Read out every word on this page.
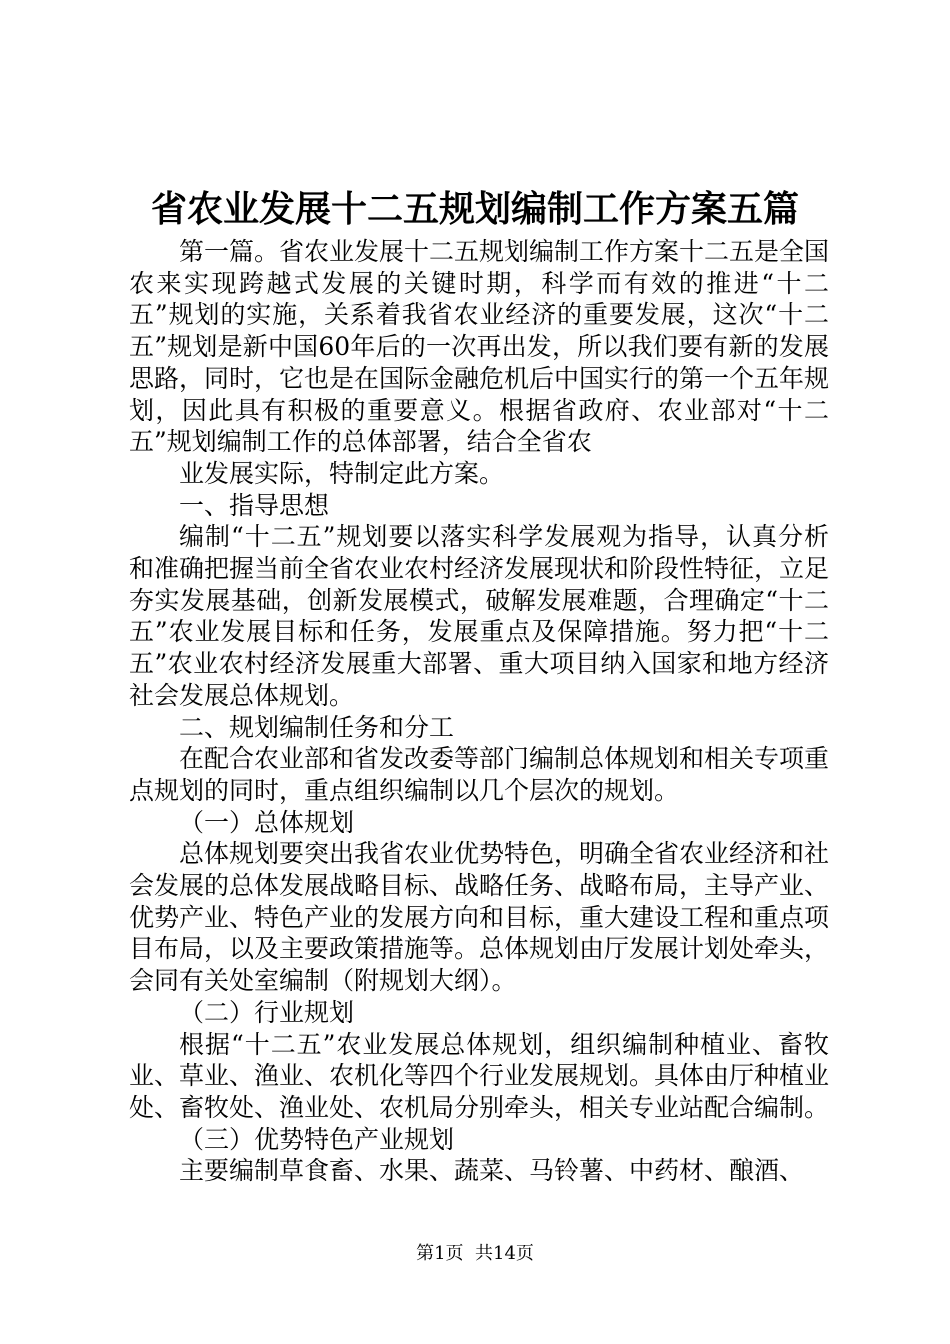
省农业发展十二五规划编制工作方案五篇

第一篇。省农业发展十二五规划编制工作方案十二五是全国农来实现跨越式发展的关键时期，科学而有效的推进“十二五”规划的实施，关系着我省农业经济的重要发展，这次“十二五”规划是新中国60年后的一次再出发，所以我们要有新的发展思路，同时，它也是在国际金融危机后中国实行的第一个五年规划，因此具有积极的重要意义。根据省政府、农业部对“十二五”规划编制工作的总体部署，结合全省农

业发展实际，特制定此方案。

一、指导思想

编制“十二五”规划要以落实科学发展观为指导，认真分析和准确把握当前全省农业农村经济发展现状和阶段性特征，立足夯实发展基础，创新发展模式，破解发展难题，合理确定“十二五”农业发展目标和任务，发展重点及保障措施。努力把“十二五”农业农村经济发展重大部署、重大项目纳入国家和地方经济社会发展总体规划。

二、规划编制任务和分工

在配合农业部和省发改委等部门编制总体规划和相关专项重点规划的同时，重点组织编制以几个层次的规划。

（一）总体规划

总体规划要突出我省农业优势特色，明确全省农业经济和社会发展的总体发展战略目标、战略任务、战略布局，主导产业、优势产业、特色产业的发展方向和目标，重大建设工程和重点项目布局，以及主要政策措施等。总体规划由厅发展计划处牵头，会同有关处室编制（附规划大纲）。

（二）行业规划

根据“十二五”农业发展总体规划，组织编制种植业、畜牧业、草业、渔业、农机化等四个行业发展规划。具体由厅种植业处、畜牧处、渔业处、农机局分别牵头，相关专业站配合编制。

（三）优势特色产业规划

主要编制草食畜、水果、蔬菜、马铃薯、中药材、酿酒、

第1页 共14页
